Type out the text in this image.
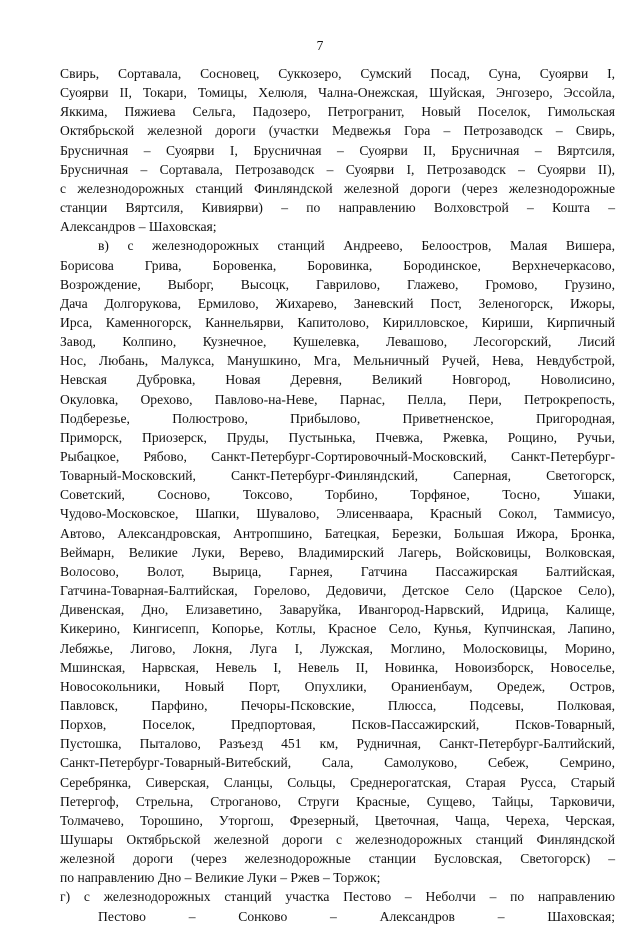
7
Свирь, Сортавала, Сосновец, Суккозеро, Сумский Посад, Суна, Суоярви I,
Суоярви II, Токари, Томицы, Хелюля, Чална-Онежская, Шуйская, Энгозеро, Эссойла,
Яккима, Пяжиева Сельга, Падозеро, Петрогранит, Новый Поселок, Гимольская
Октябрьской железной дороги (участки Медвежья Гора – Петрозаводск – Свирь,
Брусничная – Суоярви I, Брусничная – Суоярви II, Брусничная – Вяртсиля,
Брусничная – Сортавала, Петрозаводск – Суоярви I, Петрозаводск – Суоярви II),
с железнодорожных станций Финляндской железной дороги (через железнодорожные
станции Вяртсиля, Кивиярви) – по направлению Волховстрой – Кошта –
Александров – Шаховская;
в) с железнодорожных станций Андреево, Белоостров, Малая Вишера,
Борисова Грива, Боровенка, Боровинка, Бородинское, Верхнечеркасово,
Возрождение, Выборг, Высоцк, Гаврилово, Глажево, Громово, Грузино,
Дача Долгорукова, Ермилово, Жихарево, Заневский Пост, Зеленогорск, Ижоры,
Ирса, Каменногорск, Каннельярви, Капитолово, Кирилловское, Кириши, Кирпичный
Завод, Колпино, Кузнечное, Кушелевка, Левашово, Лесогорский, Лисий
Нос, Любань, Малукса, Манушкино, Мга, Мельничный Ручей, Нева, Невдубстрой,
Невская Дубровка, Новая Деревня, Великий Новгород, Новолисино,
Окуловка, Орехово, Павлово-на-Неве, Парнас, Пелла, Пери, Петрокрепость,
Подберезье, Полюстрово, Прибылово, Приветненское, Пригородная,
Приморск, Приозерск, Пруды, Пустынька, Пчевжа, Ржевка, Рощино, Ручьи,
Рыбацкое, Рябово, Санкт-Петербург-Сортировочный-Московский, Санкт-Петербург-
Товарный-Московский, Санкт-Петербург-Финляндский, Саперная, Светогорск,
Советский, Сосново, Токсово, Торбино, Торфяное, Тосно, Ушаки,
Чудово-Московское, Шапки, Шувалово, Элисенваара, Красный Сокол, Таммисуо,
Автово, Александровская, Антропшино, Батецкая, Березки, Большая Ижора, Бронка,
Веймарн, Великие Луки, Верево, Владимирский Лагерь, Войсковицы, Волковская,
Волосово, Волот, Вырица, Гарнея, Гатчина Пассажирская Балтийская,
Гатчина-Товарная-Балтийская, Горелово, Дедовичи, Детское Село (Царское Село),
Дивенская, Дно, Елизаветино, Заваруйка, Ивангород-Нарвский, Идрица, Калище,
Кикерино, Кингисепп, Копорье, Котлы, Красное Село, Кунья, Купчинская, Лапино,
Лебяжье, Лигово, Локня, Луга I, Лужская, Моглино, Молосковицы, Морино,
Мшинская, Нарвская, Невель I, Невель II, Новинка, Новоизборск, Новоселье,
Новосокольники, Новый Порт, Опухлики, Ораниенбаум, Оредеж, Остров,
Павловск, Парфино, Печоры-Псковские, Плюсса, Подсевы, Полковая,
Порхов, Поселок, Предпортовая, Псков-Пассажирский, Псков-Товарный,
Пустошка, Пыталово, Разъезд 451 км, Рудничная, Санкт-Петербург-Балтийский,
Санкт-Петербург-Товарный-Витебский, Сала, Самолуково, Себеж, Семрино,
Серебрянка, Сиверская, Сланцы, Сольцы, Среднерогатская, Старая Русса, Старый
Петергоф, Стрельна, Строганово, Струги Красные, Сущево, Тайцы, Тарковичи,
Толмачево, Торошино, Уторгош, Фрезерный, Цветочная, Чаща, Череха, Черская,
Шушары Октябрьской железной дороги с железнодорожных станций Финляндской
железной дороги (через железнодорожные станции Бусловская, Светогорск) –
по направлению Дно – Великие Луки – Ржев – Торжок;
г) с железнодорожных станций участка Пестово – Неболчи – по направлению
Пестово – Сонково – Александров – Шаховская;
